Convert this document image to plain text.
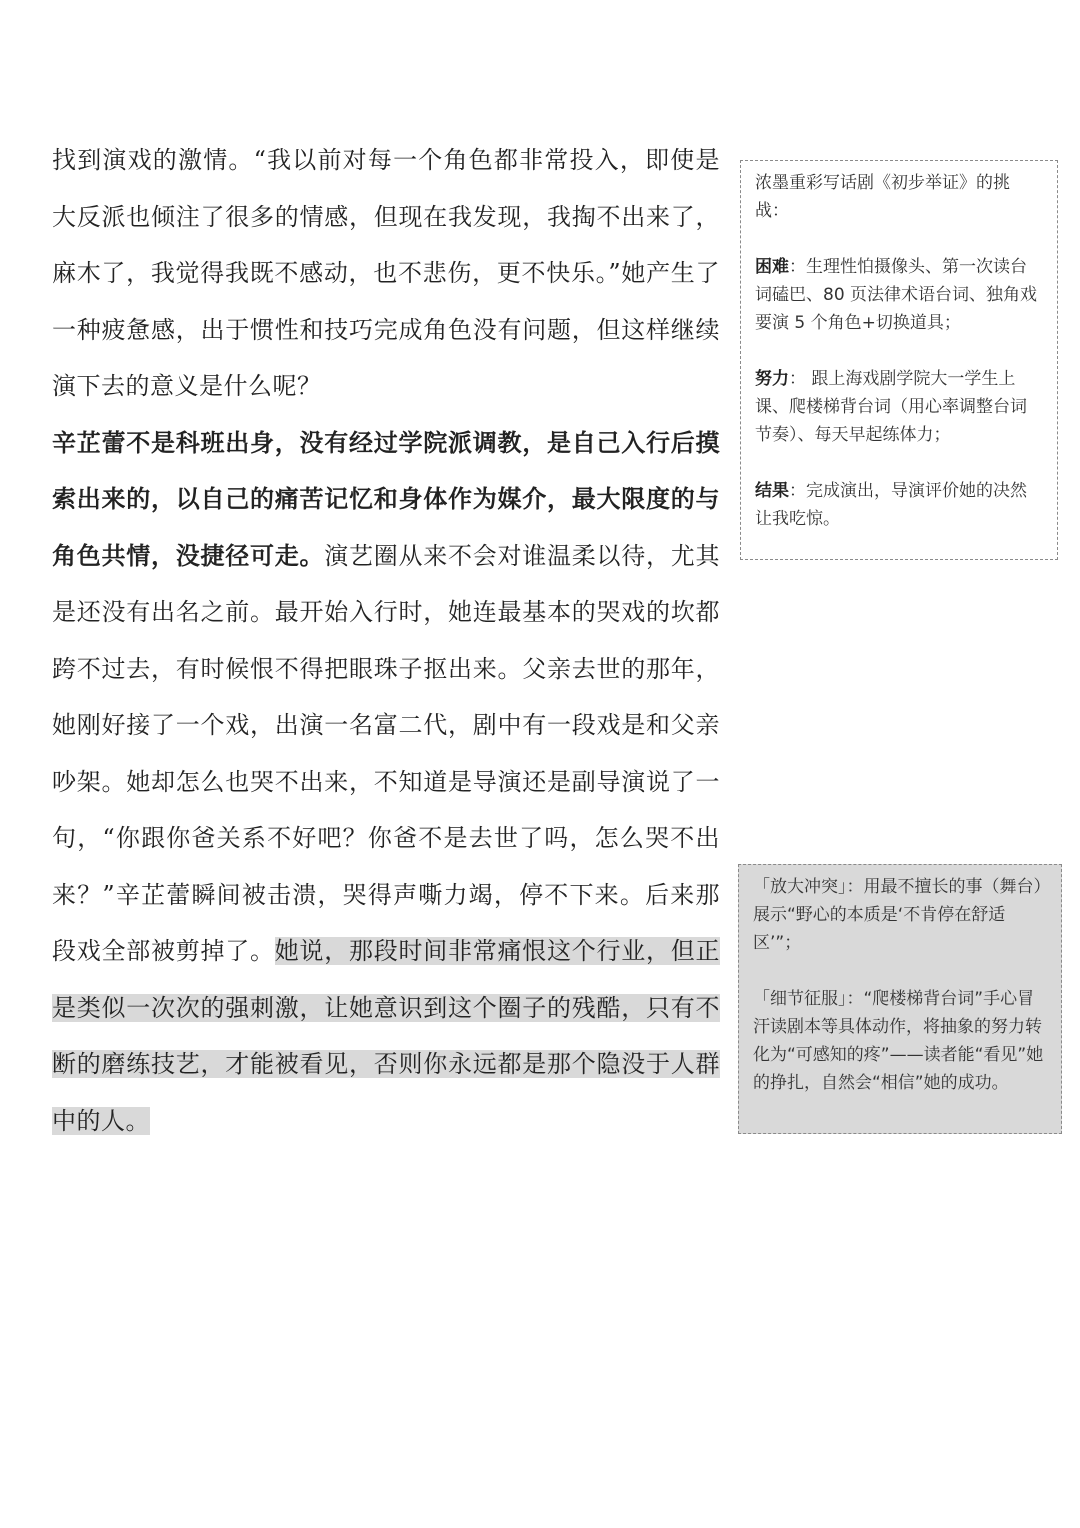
找到演戏的激情。“我以前对每一个角色都非常投入，即使是大反派也倾注了很多的情感，但现在我发现，我掏不出来了，麻木了，我觉得我既不感动，也不悲伤，更不快乐。”她产生了一种疲惫感，出于惯性和技巧完成角色没有问题，但这样继续演下去的意义是什么呢？

辛芷蕾不是科班出身，没有经过学院派调教，是自己入行后摸索出来的，以自己的痛苦记忆和身体作为媒介，最大限度的与角色共情，没捷径可走。演艺圈从来不会对谁温柔以待，尤其是还没有出名之前。最开始入行时，她连最基本的哭戏的坎都跨不过去，有时候恨不得把眼珠子抠出来。父亲去世的那年，她刚好接了一个戏，出演一名富二代，剧中有一段戏是和父亲吵架。她却怎么也哭不出来，不知道是导演还是副导演说了一句，“你跟你爸关系不好吧？你爸不是去世了吗，怎么哭不出来？”辛芷蕾瞬间被击溃，哭得声嘶力竭，停不下来。后来那段戏全部被剪掉了。她说，那段时间非常痛恨这个行业，但正是类似一次次的强刺激，让她意识到这个圈子的残酷，只有不断的磨练技艺，才能被看见，否则你永远都是那个隐没于人群中的人。

浓墨重彩写话剧《初步举证》的挑战：

困难：生理性怕摄像头、第一次读台词磕巴、80 页法律术语台词、独角戏要演 5 个角色+切换道具；

努力： 跟上海戏剧学院大一学生上课、爬楼梯背台词（用心率调整台词节奏）、每天早起练体力；

结果：完成演出，导演评价她的决然让我吃惊。

「放大冲突」：用最不擅长的事（舞台）展示“野心的本质是‘不肯停在舒适区’”；

「细节征服」：“爬楼梯背台词”手心冒汗读剧本等具体动作，将抽象的努力转化为“可感知的疼”——读者能“看见”她的挣扎，自然会“相信”她的成功。
